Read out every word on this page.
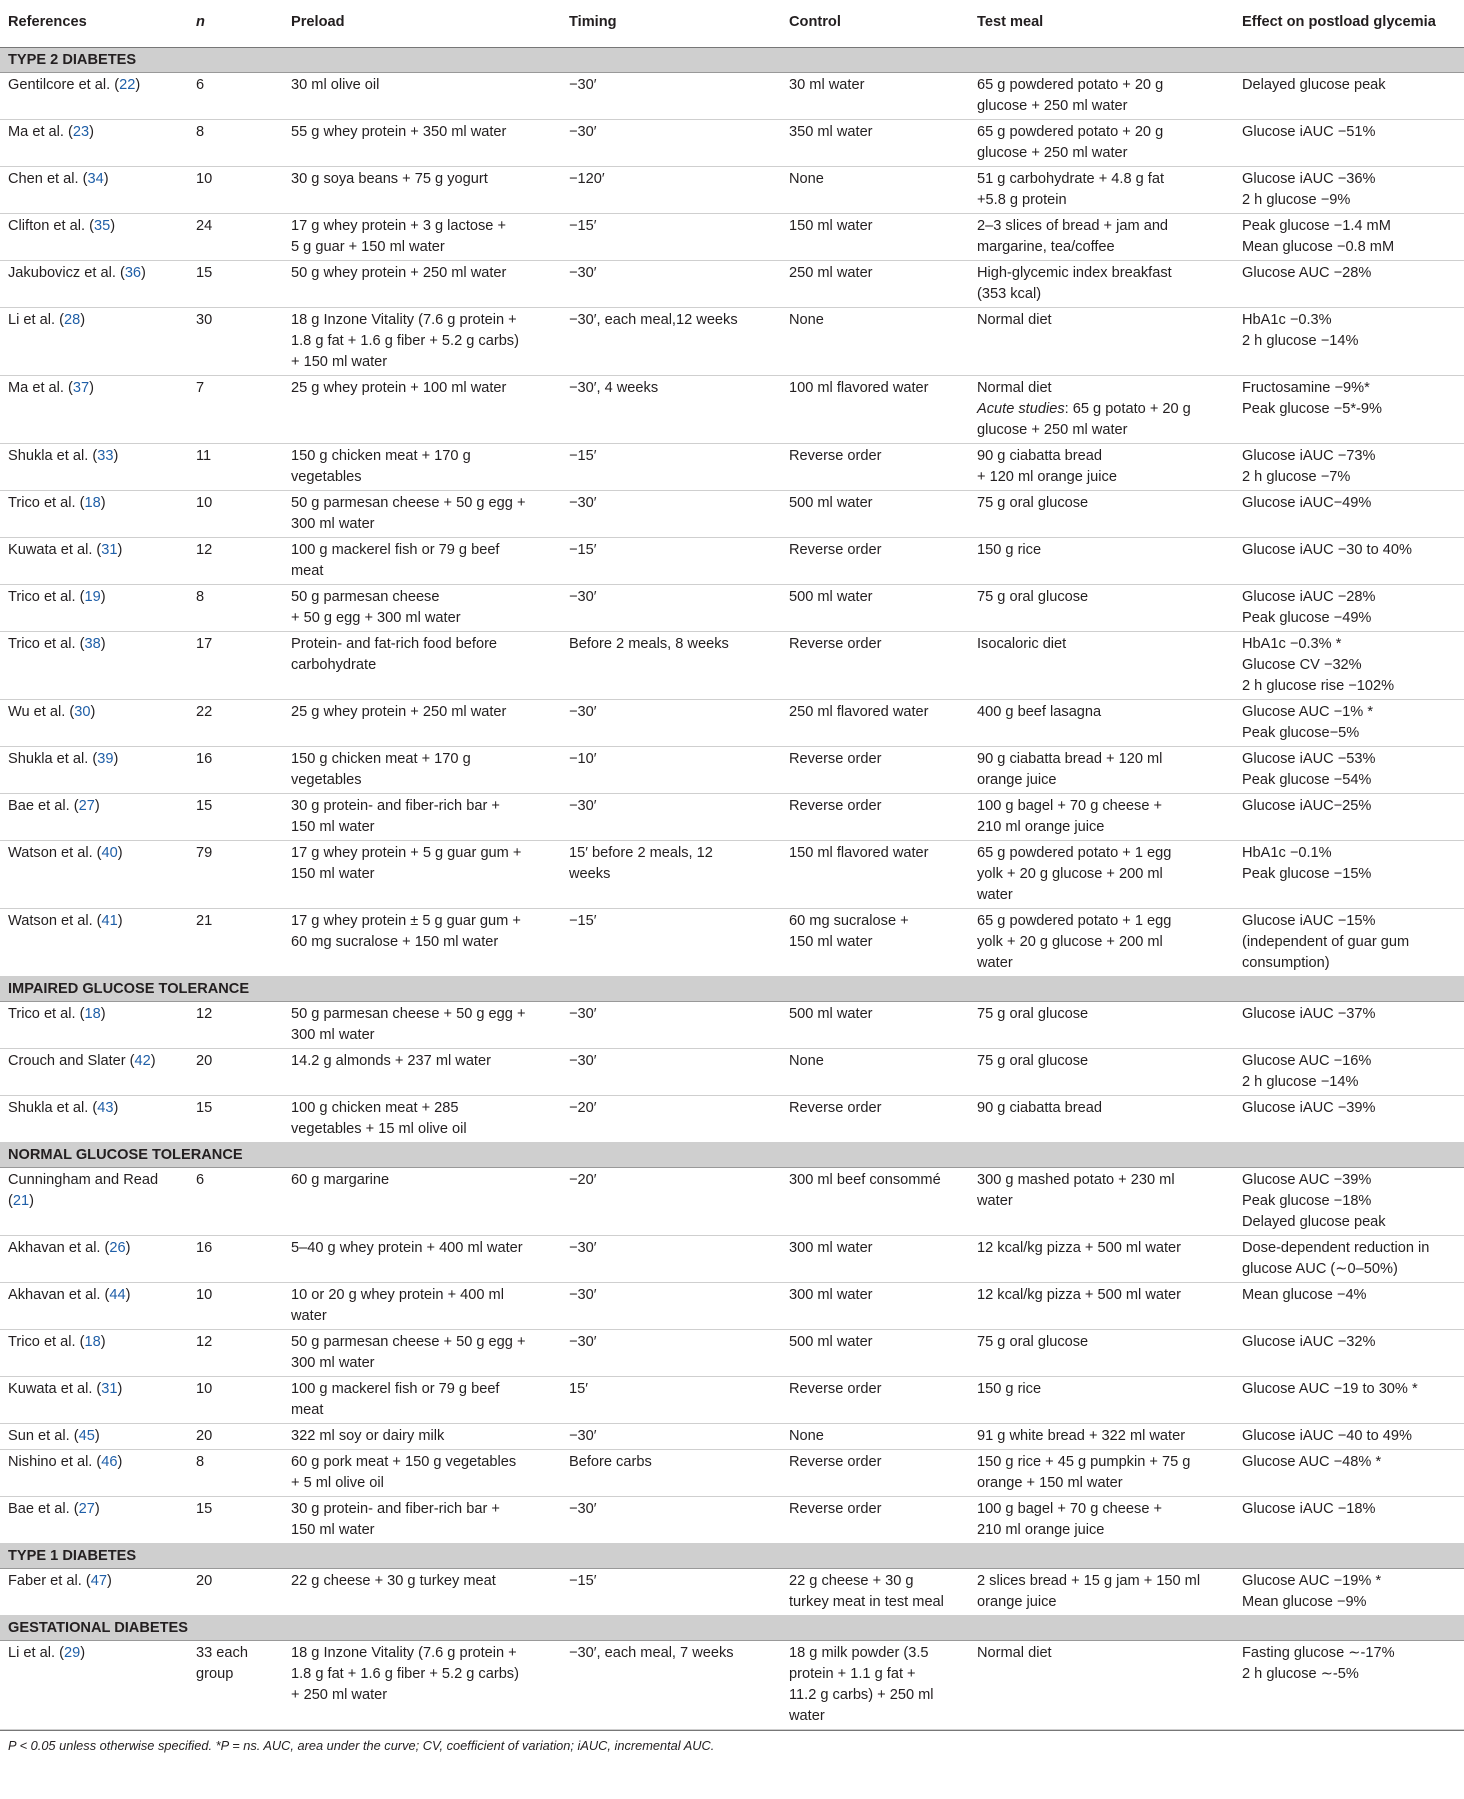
References	n	Preload	Timing	Control	Test meal	Effect on postload glycemia
TYPE 2 DIABETES						

Gentilcore et al. (22)	6	30 ml olive oil	−30′	30 ml water	65 g powdered potato + 20 g
glucose + 250 ml water	Delayed glucose peak

Ma et al. (23)	8	55 g whey protein + 350 ml water	−30′	350 ml water	65 g powdered potato + 20 g
glucose + 250 ml water	Glucose iAUC −51%

Chen et al. (34)	10	30 g soya beans + 75 g yogurt	−120′	None	51 g carbohydrate + 4.8 g fat
+5.8 g protein	Glucose iAUC −36%
2 h glucose −9%

Clifton et al. (35)	24	17 g whey protein + 3 g lactose +
5 g guar + 150 ml water	−15′	150 ml water	2–3 slices of bread + jam and
margarine, tea/coffee	Peak glucose −1.4 mM
Mean glucose −0.8 mM

Jakubovicz et al. (36)	15	50 g whey protein + 250 ml water	−30′	250 ml water	High-glycemic index breakfast
(353 kcal)	Glucose AUC −28%

Li et al. (28)	30	18 g Inzone Vitality (7.6 g protein +
1.8 g fat + 1.6 g fiber + 5.2 g carbs)
+ 150 ml water	−30′, each meal,12 weeks	None	Normal diet	HbA1c −0.3%
2 h glucose −14%

Ma et al. (37)	7	25 g whey protein + 100 ml water	−30′, 4 weeks	100 ml flavored water	Normal diet
Acute studies: 65 g potato + 20 g
glucose + 250 ml water	Fructosamine −9%*
Peak glucose −5*-9%

Shukla et al. (33)	11	150 g chicken meat + 170 g
vegetables	−15′	Reverse order	90 g ciabatta bread
+ 120 ml orange juice	Glucose iAUC −73%
2 h glucose −7%

Trico et al. (18)	10	50 g parmesan cheese + 50 g egg +
300 ml water	−30′	500 ml water	75 g oral glucose	Glucose iAUC−49%

Kuwata et al. (31)	12	100 g mackerel fish or 79 g beef
meat	−15′	Reverse order	150 g rice	Glucose iAUC −30 to 40%

Trico et al. (19)	8	50 g parmesan cheese
+ 50 g egg + 300 ml water	−30′	500 ml water	75 g oral glucose	Glucose iAUC −28%
Peak glucose −49%

Trico et al. (38)	17	Protein- and fat-rich food before
carbohydrate	Before 2 meals, 8 weeks	Reverse order	Isocaloric diet	HbA1c −0.3% *
Glucose CV −32%
2 h glucose rise −102%

Wu et al. (30)	22	25 g whey protein + 250 ml water	−30′	250 ml flavored water	400 g beef lasagna	Glucose AUC −1% *
Peak glucose−5%

Shukla et al. (39)	16	150 g chicken meat + 170 g
vegetables	−10′	Reverse order	90 g ciabatta bread + 120 ml
orange juice	Glucose iAUC −53%
Peak glucose −54%

Bae et al. (27)	15	30 g protein- and fiber-rich bar +
150 ml water	−30′	Reverse order	100 g bagel + 70 g cheese +
210 ml orange juice	Glucose iAUC−25%

Watson et al. (40)	79	17 g whey protein + 5 g guar gum +
150 ml water	15′ before 2 meals, 12
weeks	150 ml flavored water	65 g powdered potato + 1 egg
yolk + 20 g glucose + 200 ml
water	HbA1c −0.1%
Peak glucose −15%

Watson et al. (41)	21	17 g whey protein ± 5 g guar gum +
60 mg sucralose + 150 ml water	−15′	60 mg sucralose +
150 ml water	65 g powdered potato + 1 egg
yolk + 20 g glucose + 200 ml
water	Glucose iAUC −15%
(independent of guar gum
consumption)

IMPAIRED GLUCOSE TOLERANCE						

Trico et al. (18)	12	50 g parmesan cheese + 50 g egg +
300 ml water	−30′	500 ml water	75 g oral glucose	Glucose iAUC −37%

Crouch and Slater (42)	20	14.2 g almonds + 237 ml water	−30′	None	75 g oral glucose	Glucose AUC −16%
2 h glucose −14%

Shukla et al. (43)	15	100 g chicken meat + 285
vegetables + 15 ml olive oil	−20′	Reverse order	90 g ciabatta bread	Glucose iAUC −39%

NORMAL GLUCOSE TOLERANCE						

Cunningham and Read
(21)	6	60 g margarine	−20′	300 ml beef consommé	300 g mashed potato + 230 ml
water	Glucose AUC −39%
Peak glucose −18%
Delayed glucose peak

Akhavan et al. (26)	16	5–40 g whey protein + 400 ml water	−30′	300 ml water	12 kcal/kg pizza + 500 ml water	Dose-dependent reduction in
glucose AUC (∼0–50%)

Akhavan et al. (44)	10	10 or 20 g whey protein + 400 ml
water	−30′	300 ml water	12 kcal/kg pizza + 500 ml water	Mean glucose −4%

Trico et al. (18)	12	50 g parmesan cheese + 50 g egg +
300 ml water	−30′	500 ml water	75 g oral glucose	Glucose iAUC −32%

Kuwata et al. (31)	10	100 g mackerel fish or 79 g beef
meat	15′	Reverse order	150 g rice	Glucose AUC −19 to 30% *

Sun et al. (45)	20	322 ml soy or dairy milk	−30′	None	91 g white bread + 322 ml water	Glucose iAUC −40 to 49%

Nishino et al. (46)	8	60 g pork meat + 150 g vegetables
+ 5 ml olive oil	Before carbs	Reverse order	150 g rice + 45 g pumpkin + 75 g
orange + 150 ml water	Glucose AUC −48% *

Bae et al. (27)	15	30 g protein- and fiber-rich bar +
150 ml water	−30′	Reverse order	100 g bagel + 70 g cheese +
210 ml orange juice	Glucose iAUC −18%

TYPE 1 DIABETES						

Faber et al. (47)	20	22 g cheese + 30 g turkey meat	−15′	22 g cheese + 30 g
turkey meat in test meal	2 slices bread + 15 g jam + 150 ml
orange juice	Glucose AUC −19% *
Mean glucose −9%

GESTATIONAL DIABETES						

Li et al. (29)	33 each
group	18 g Inzone Vitality (7.6 g protein +
1.8 g fat + 1.6 g fiber + 5.2 g carbs)
+ 250 ml water	−30′, each meal, 7 weeks	18 g milk powder (3.5
protein + 1.1 g fat +
11.2 g carbs) + 250 ml
water	Normal diet	Fasting glucose ∼-17%
2 h glucose ∼-5%
P < 0.05 unless otherwise specified. *P = ns. AUC, area under the curve; CV, coefficient of variation; iAUC, incremental AUC.
